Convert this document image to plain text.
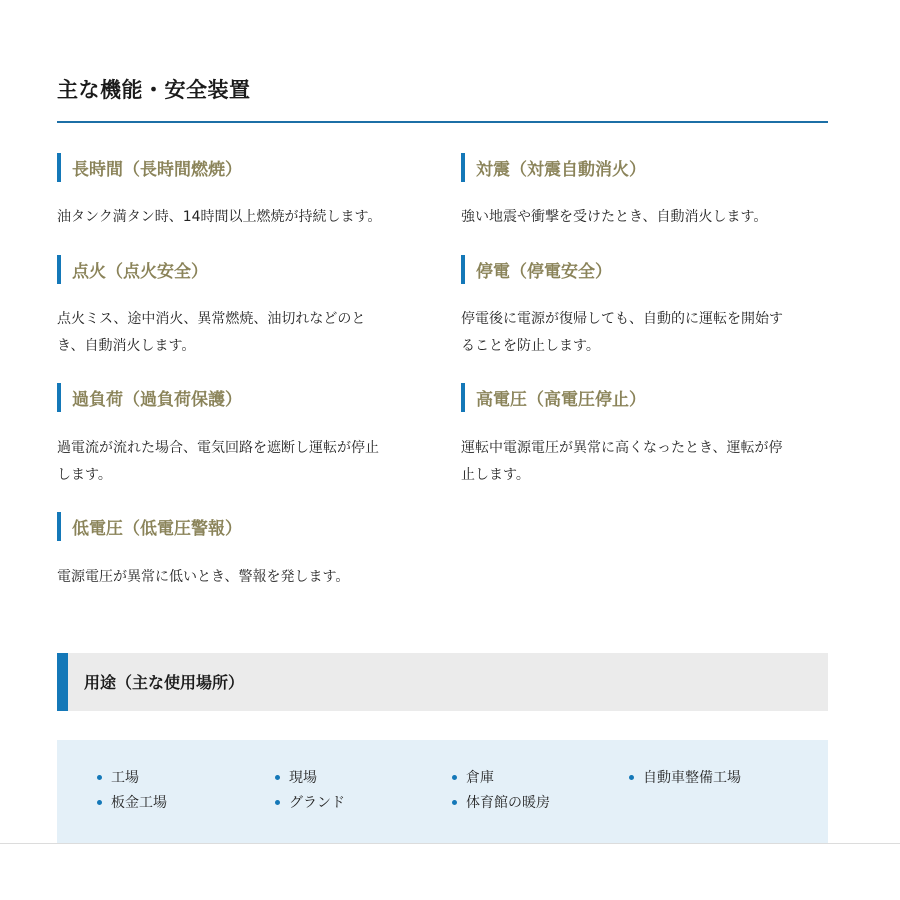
主な機能・安全装置
長時間（長時間燃焼）

油タンク満タン時、14時間以上燃焼が持続します。

点火（点火安全）
点火ミス、途中消火、異常燃焼、油切れなどのと
き、自動消火します。
過負荷（過負荷保護）
過電流が流れた場合、電気回路を遮断し運転が停止
します。
低電圧（低電圧警報）

電源電圧が異常に低いとき、警報を発します。

対震（対震自動消火）

強い地震や衝撃を受けたとき、自動消火します。

停電（停電安全）
停電後に電源が復帰しても、自動的に運転を開始す
ることを防止します。
高電圧（高電圧停止）
運転中電源電圧が異常に高くなったとき、運転が停
止します。
用途（主な使用場所）
工場	現場	倉庫	自動車整備工場
板金工場	グランド	体育館の暖房
